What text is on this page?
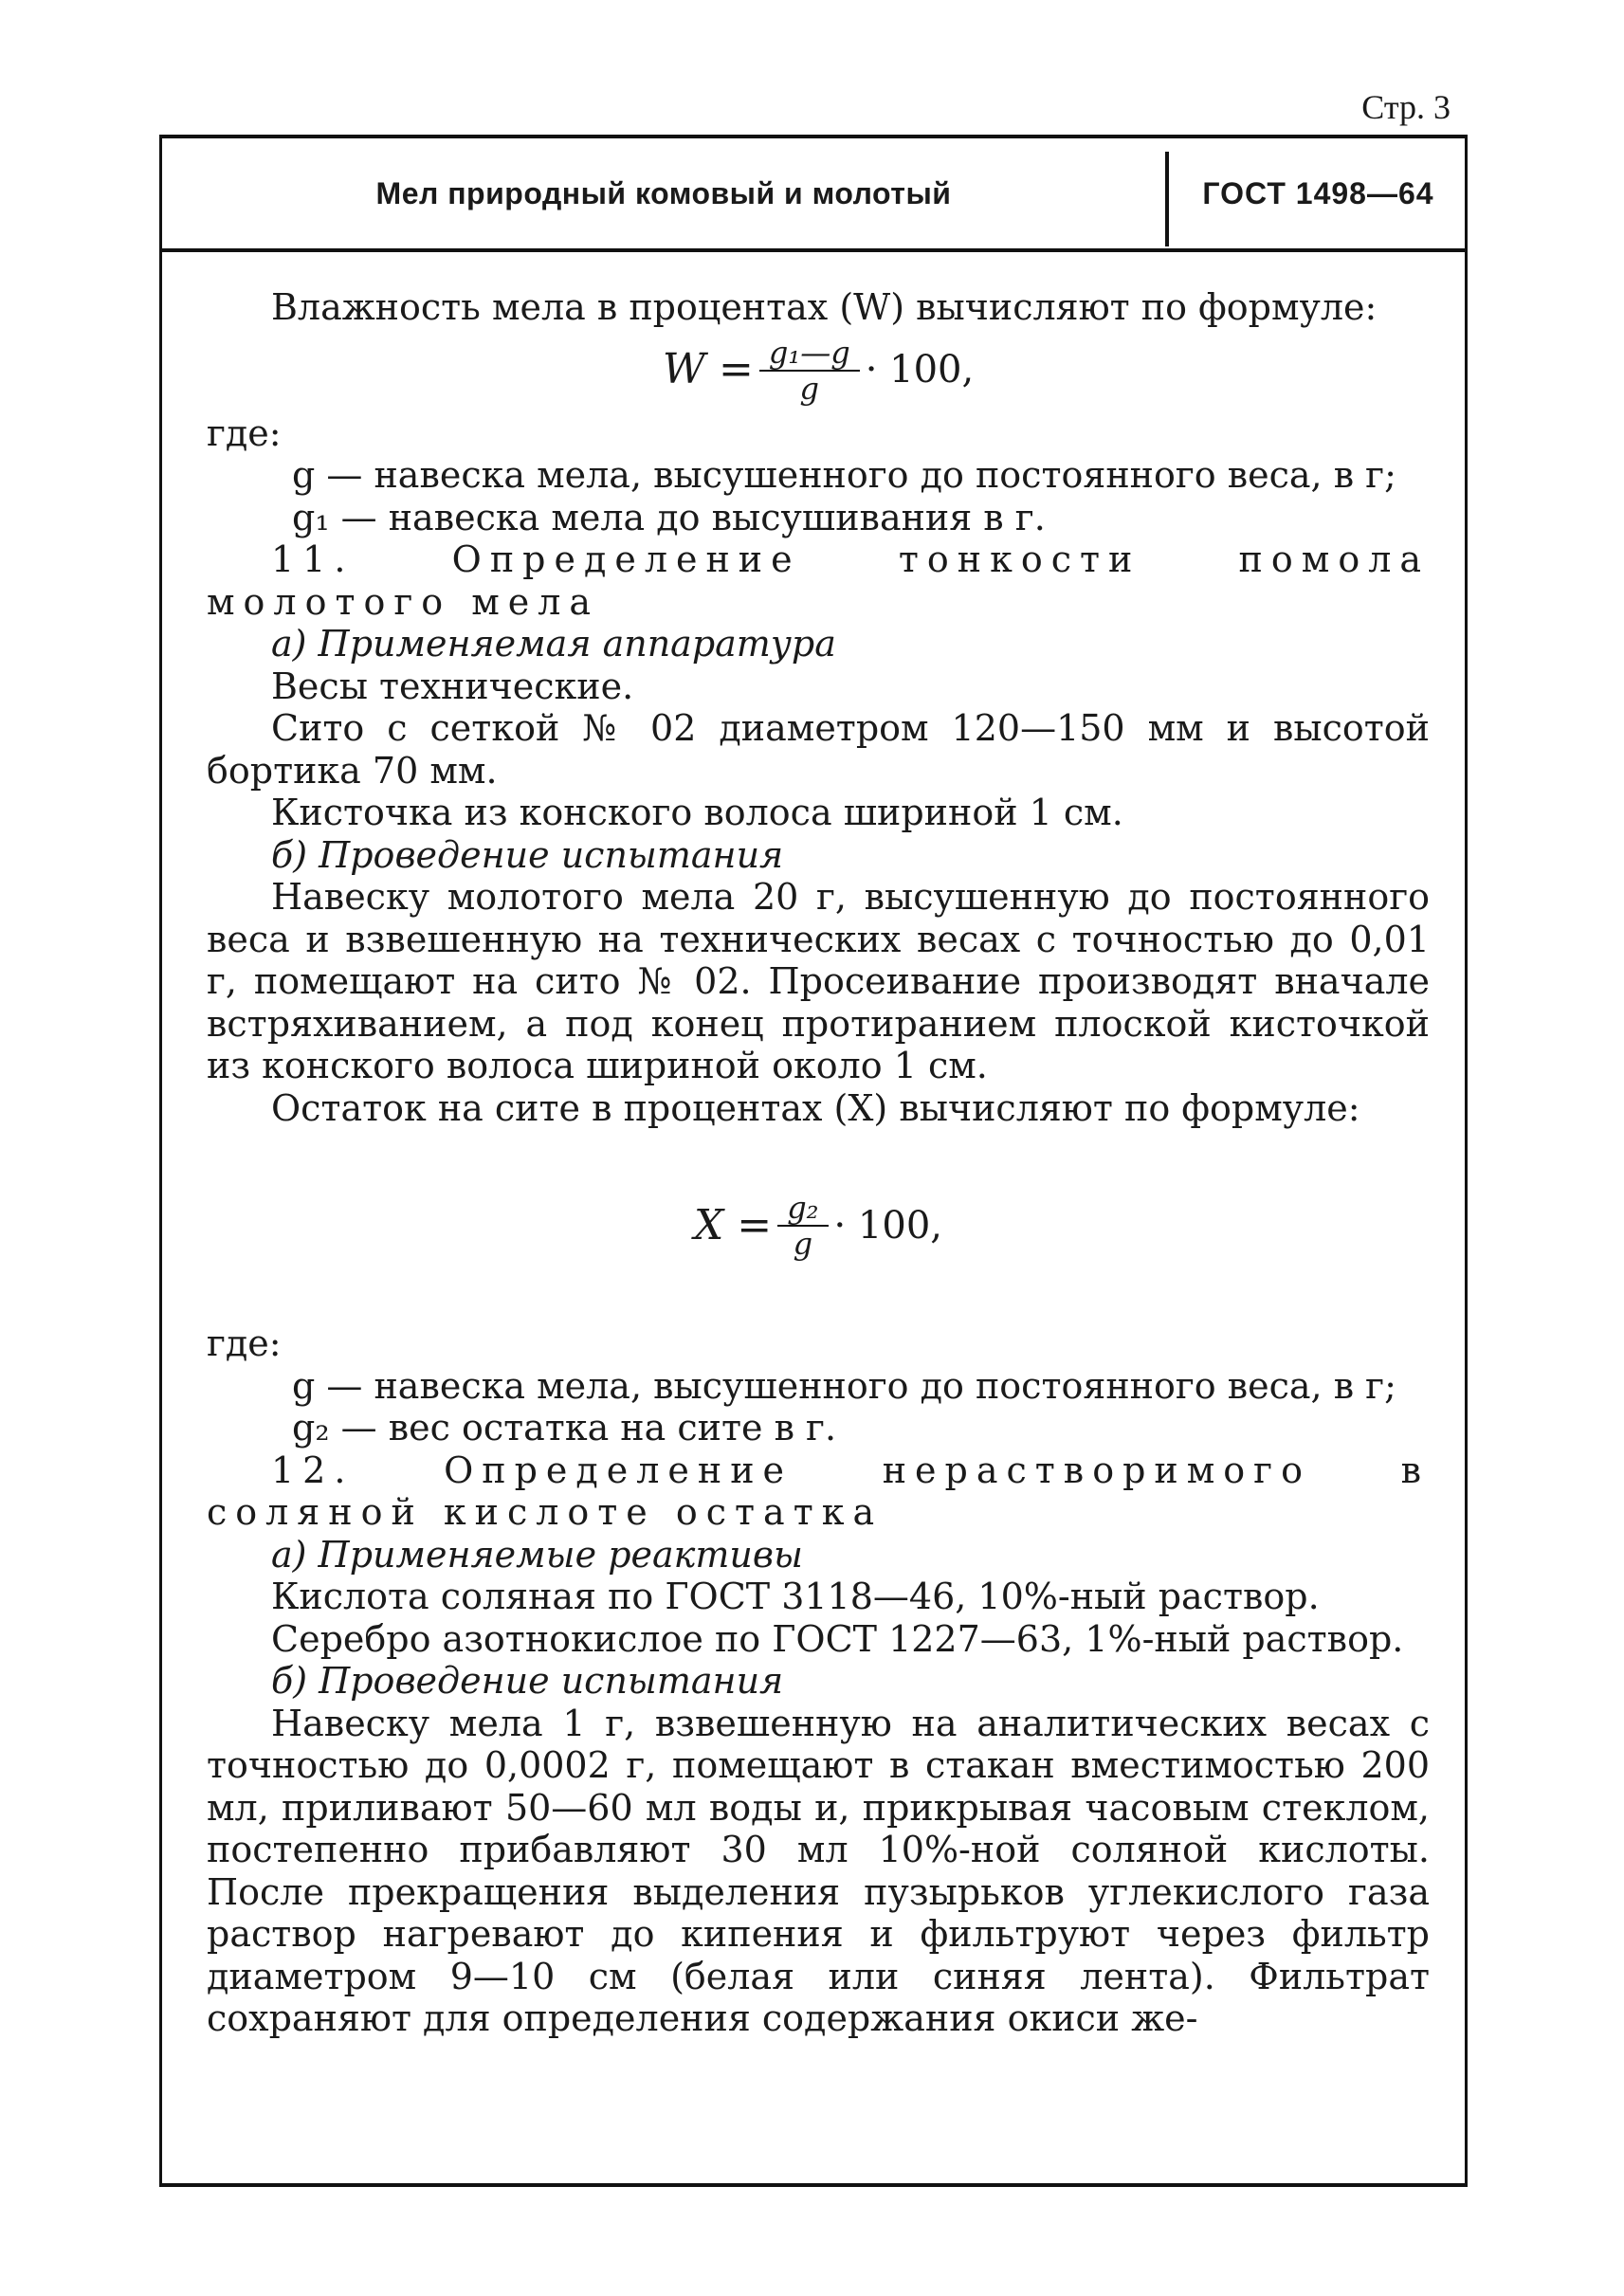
Стр. 3
Мел природный комовый и молотый	ГОСТ 1498—64

Влажность мела в процентах (W) вычисляют по формуле:

$W = \frac{\text{g₁—g}}{g} \cdot 100$,

где:

g — навеска мела, высушенного до постоянного веса, в г;

g₁ — навеска мела до высушивания в г.

11. Определение тонкости помола молотого мела

а) Применяемая аппаратура

Весы технические.

Сито с сеткой № 02 диаметром 120—150 мм и высотой бортика 70 мм.

Кисточка из конского волоса шириной 1 см.

б) Проведение испытания

Навеску молотого мела 20 г, высушенную до постоянного веса и взвешенную на технических весах с точностью до 0,01 г, помещают на сито № 02. Просеивание производят вначале встряхиванием, а под конец протиранием плоской кисточкой из конского волоса шириной около 1 см.

Остаток на сите в процентах (X) вычисляют по формуле:

$X = \frac{\text{g₂}}{g} \cdot 100$,

где:

g — навеска мела, высушенного до постоянного веса, в г;

g₂ — вес остатка на сите в г.

12. Определение нерастворимого в соляной кислоте остатка

а) Применяемые реактивы

Кислота соляная по ГОСТ 3118—46, 10%-ный раствор.

Серебро азотнокислое по ГОСТ 1227—63, 1%-ный раствор.

б) Проведение испытания

Навеску мела 1 г, взвешенную на аналитических весах с точностью до 0,0002 г, помещают в стакан вместимостью 200 мл, приливают 50—60 мл воды и, прикрывая часовым стеклом, постепенно прибавляют 30 мл 10%-ной соляной кислоты. После прекращения выделения пузырьков углекислого газа раствор нагревают до кипения и фильтруют через фильтр диаметром 9—10 см (белая или синяя лента). Фильтрат сохраняют для определения содержания окиси же-
